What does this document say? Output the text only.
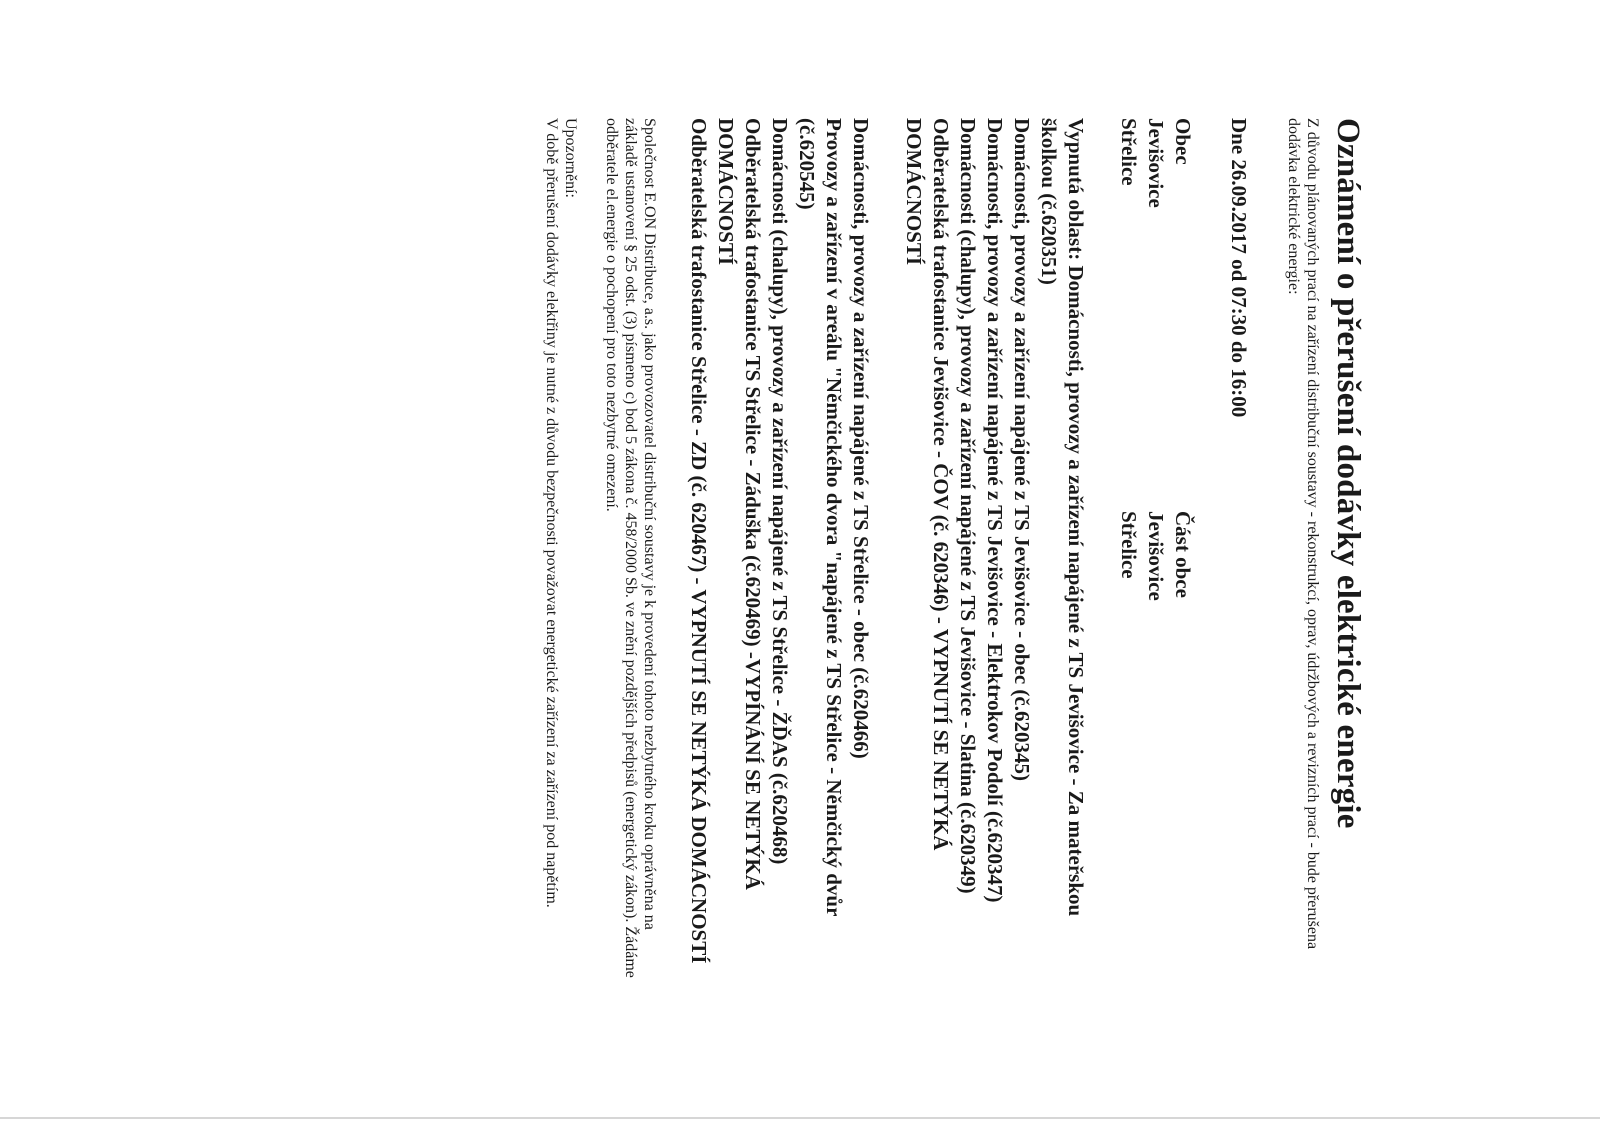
Oznámení o přerušení dodávky elektrické energie

Z důvodu plánovaných prací na zařízení distribuční soustavy - rekonstrukcí, oprav, údržbových a revizních prací - bude přerušena dodávka elektrické energie:

Dne 26.09.2017 od 07:30 do 16:00

Obec
Jevišovice
Střelice
Část obce
Jevišovice
Střelice
Vypnutá oblast: Domácnosti, provozy a zařízení napájené z TS Jevišovice - Za mateřskou školkou (č.620351)
Domácnosti, provozy a zařízení napájené z TS Jevišovice - obec (č.620345)
Domácnosti, provozy a zařízení napájené z TS Jevišovice - Elektrokov Podolí (č.620347)
Domácnosti (chalupy), provozy a zařízení napájené z TS Jevišovice - Slatina (č.620349)
Odběratelská trafostanice Jevišovice - ČOV (č. 620346) - VYPNUTÍ SE NETÝKÁ DOMÁCNOSTÍ
Domácnosti, provozy a zařízení napájené z TS Střelice - obec (č.620466)
Provozy a zařízení v areálu "Němčického dvora "napájené z TS Střelice - Němčický dvůr (č.620545)
Domácnosti (chalupy), provozy a zařízení napájené z TS Střelice - ŽĎAS (č.620468)
Odběratelská trafostanice TS Střelice - Záduška (č.620469) -VYPÍNÁNÍ SE NETÝKÁ DOMÁCNOSTÍ
Odběratelská trafostanice Střelice - ZD (č. 620467) - VYPNUTÍ SE NETÝKÁ DOMÁCNOSTÍ

Společnost E.ON Distribuce, a.s. jako provozovatel distribuční soustavy je k provedení tohoto nezbytného kroku oprávněna na základě ustanovení § 25 odst. (3) písmeno c) bod 5 zákona č. 458/2000 Sb. ve znění pozdějších předpisů (energetický zákon). Žádáme odběratele el.energie o pochopení pro toto nezbytné omezení.

Upozornění:
V době přerušení dodávky elektřiny je nutné z důvodu bezpečnosti považovat energetické zařízení za zařízení pod napětím.
